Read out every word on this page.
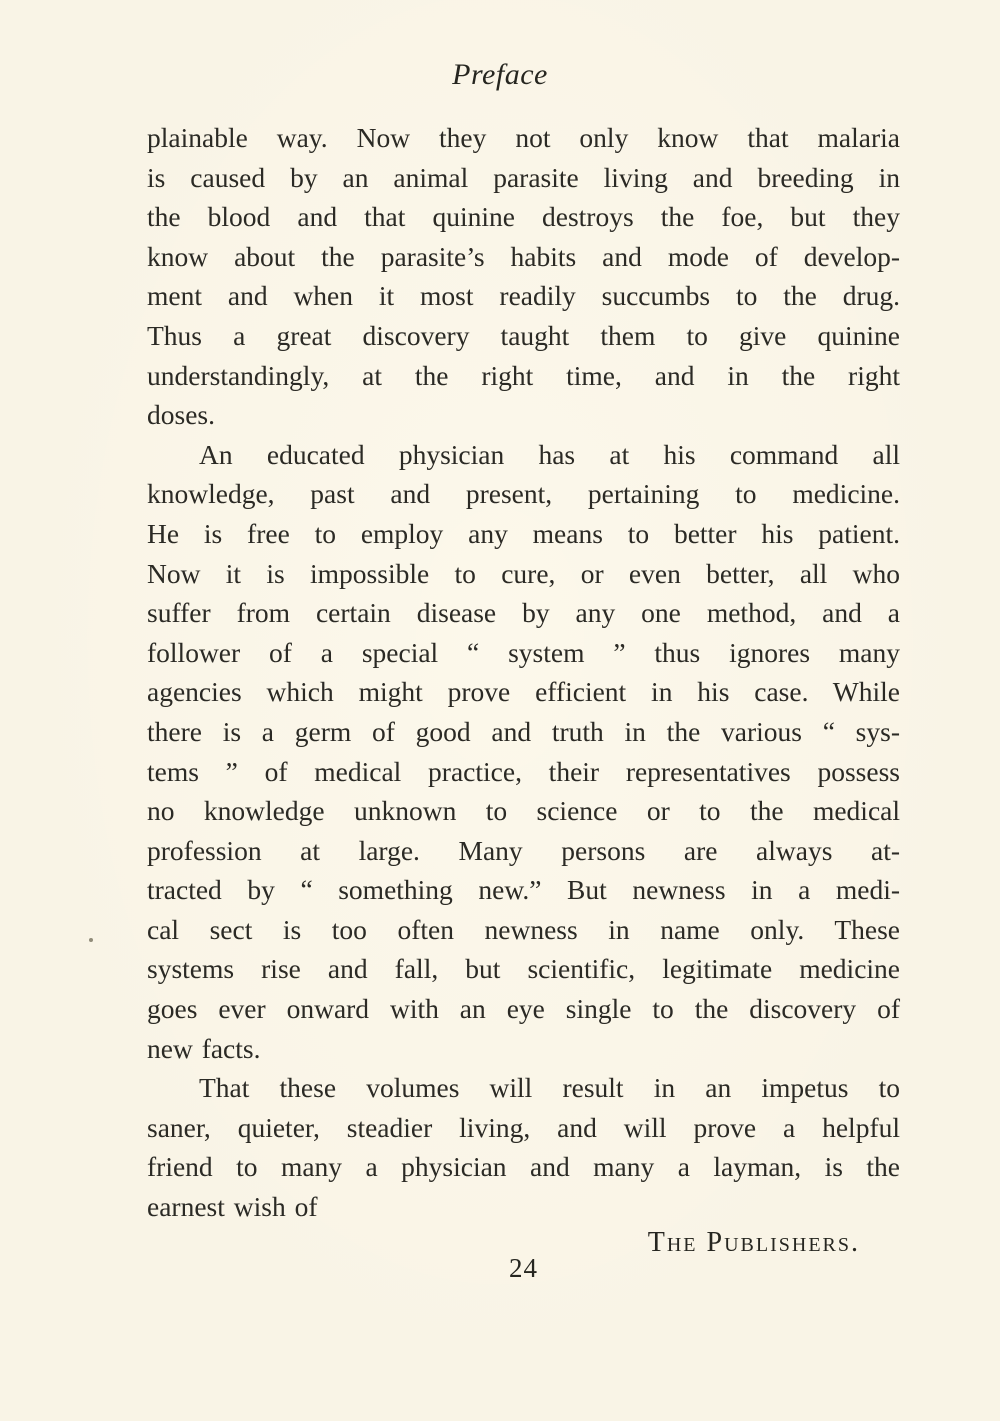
Preface
plainable way. Now they not only know that malaria
is caused by an animal parasite living and breeding in
the blood and that quinine destroys the foe, but they
know about the parasite’s habits and mode of develop-
ment and when it most readily succumbs to the drug.
Thus a great discovery taught them to give quinine
understandingly, at the right time, and in the right
doses.
An educated physician has at his command all
knowledge, past and present, pertaining to medicine.
He is free to employ any means to better his patient.
Now it is impossible to cure, or even better, all who
suffer from certain disease by any one method, and a
follower of a special “ system ” thus ignores many
agencies which might prove efficient in his case. While
there is a germ of good and truth in the various “ sys-
tems ” of medical practice, their representatives possess
no knowledge unknown to science or to the medical
profession at large. Many persons are always at-
tracted by “ something new.” But newness in a medi-
cal sect is too often newness in name only. These
systems rise and fall, but scientific, legitimate medicine
goes ever onward with an eye single to the discovery of
new facts.
That these volumes will result in an impetus to
saner, quieter, steadier living, and will prove a helpful
friend to many a physician and many a layman, is the
earnest wish of
The Publishers.
24
